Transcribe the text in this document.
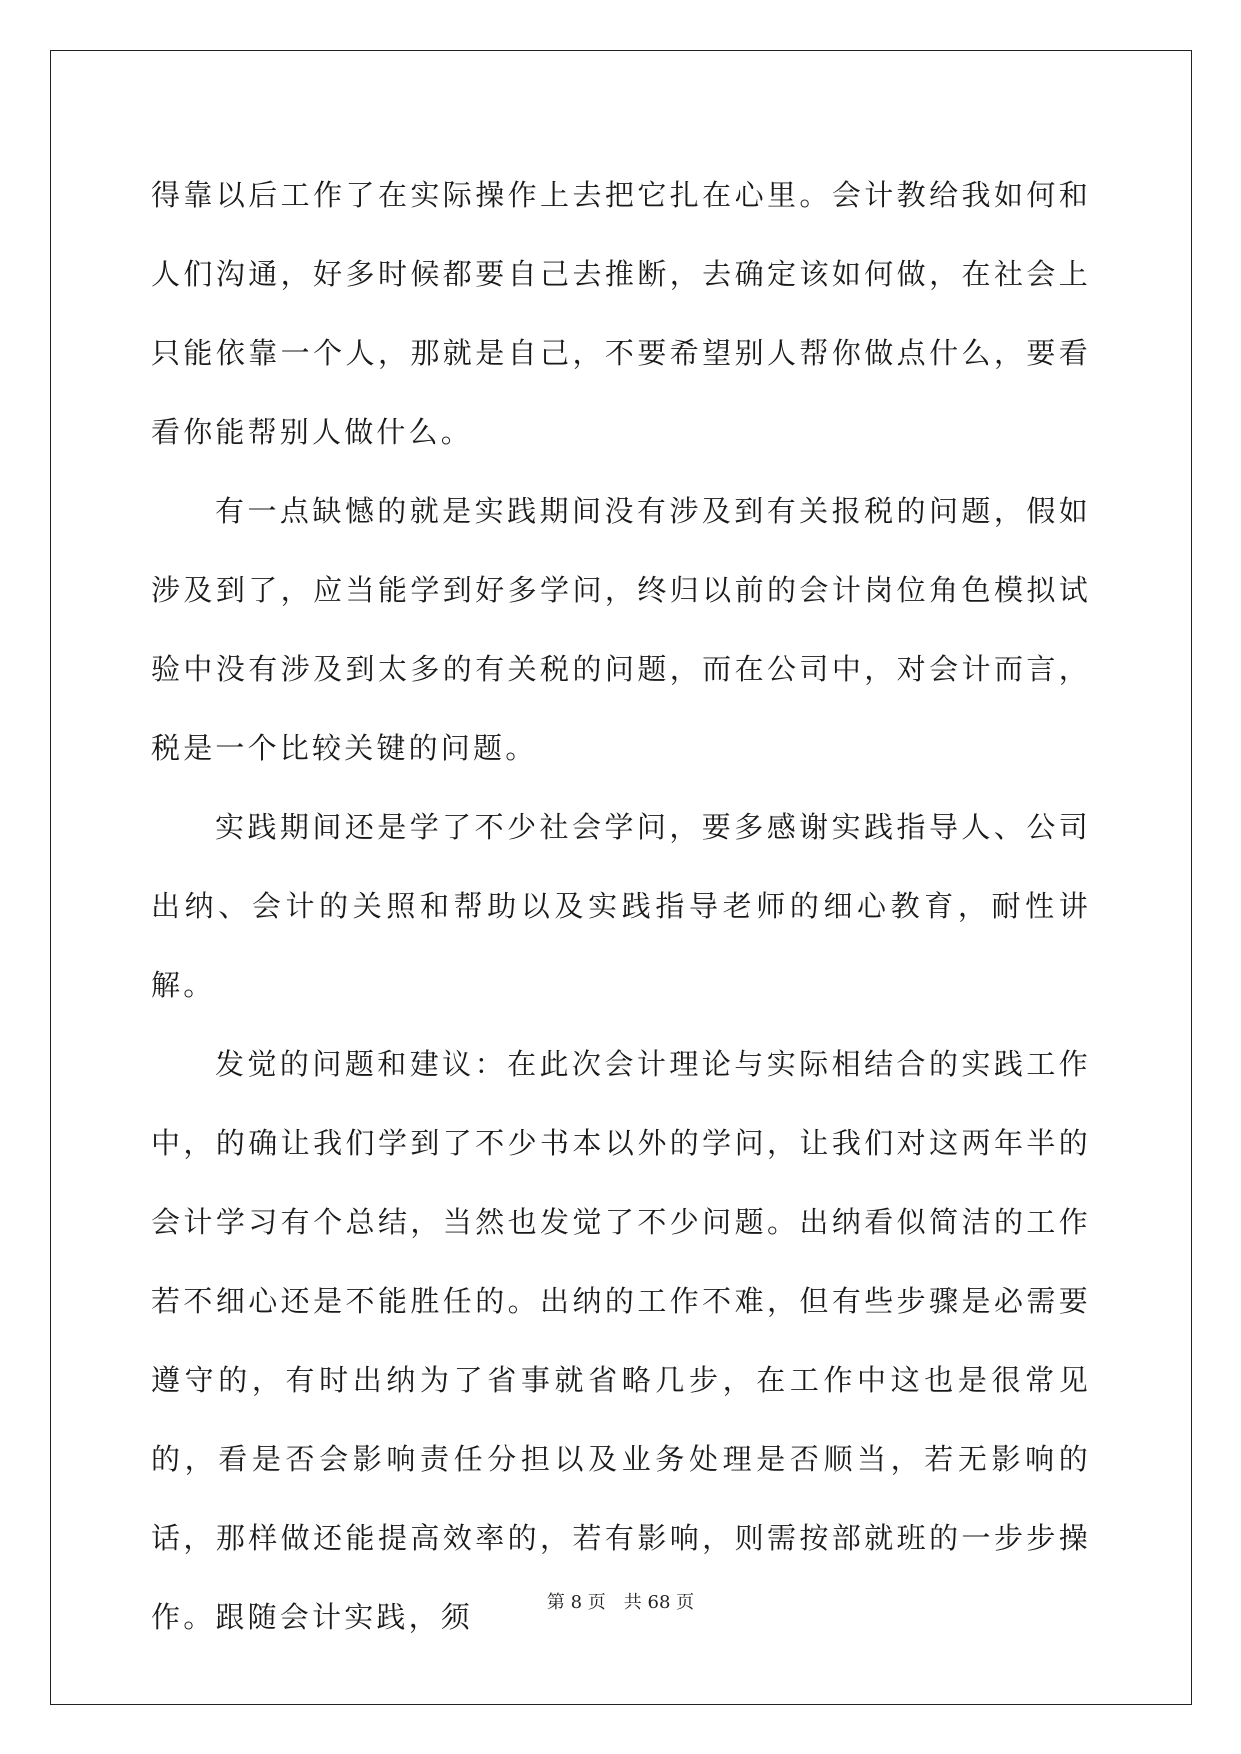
得靠以后工作了在实际操作上去把它扎在心里。会计教给我如何和人们沟通，好多时候都要自己去推断，去确定该如何做，在社会上只能依靠一个人，那就是自己，不要希望别人帮你做点什么，要看看你能帮别人做什么。

有一点缺憾的就是实践期间没有涉及到有关报税的问题，假如涉及到了，应当能学到好多学问，终归以前的会计岗位角色模拟试验中没有涉及到太多的有关税的问题，而在公司中，对会计而言，税是一个比较关键的问题。

实践期间还是学了不少社会学问，要多感谢实践指导人、公司出纳、会计的关照和帮助以及实践指导老师的细心教育，耐性讲解。

发觉的问题和建议：在此次会计理论与实际相结合的实践工作中，的确让我们学到了不少书本以外的学问，让我们对这两年半的会计学习有个总结，当然也发觉了不少问题。出纳看似简洁的工作若不细心还是不能胜任的。出纳的工作不难，但有些步骤是必需要遵守的，有时出纳为了省事就省略几步，在工作中这也是很常见的，看是否会影响责任分担以及业务处理是否顺当，若无影响的话，那样做还能提高效率的，若有影响，则需按部就班的一步步操作。跟随会计实践，须	第 8 页　共 68 页
